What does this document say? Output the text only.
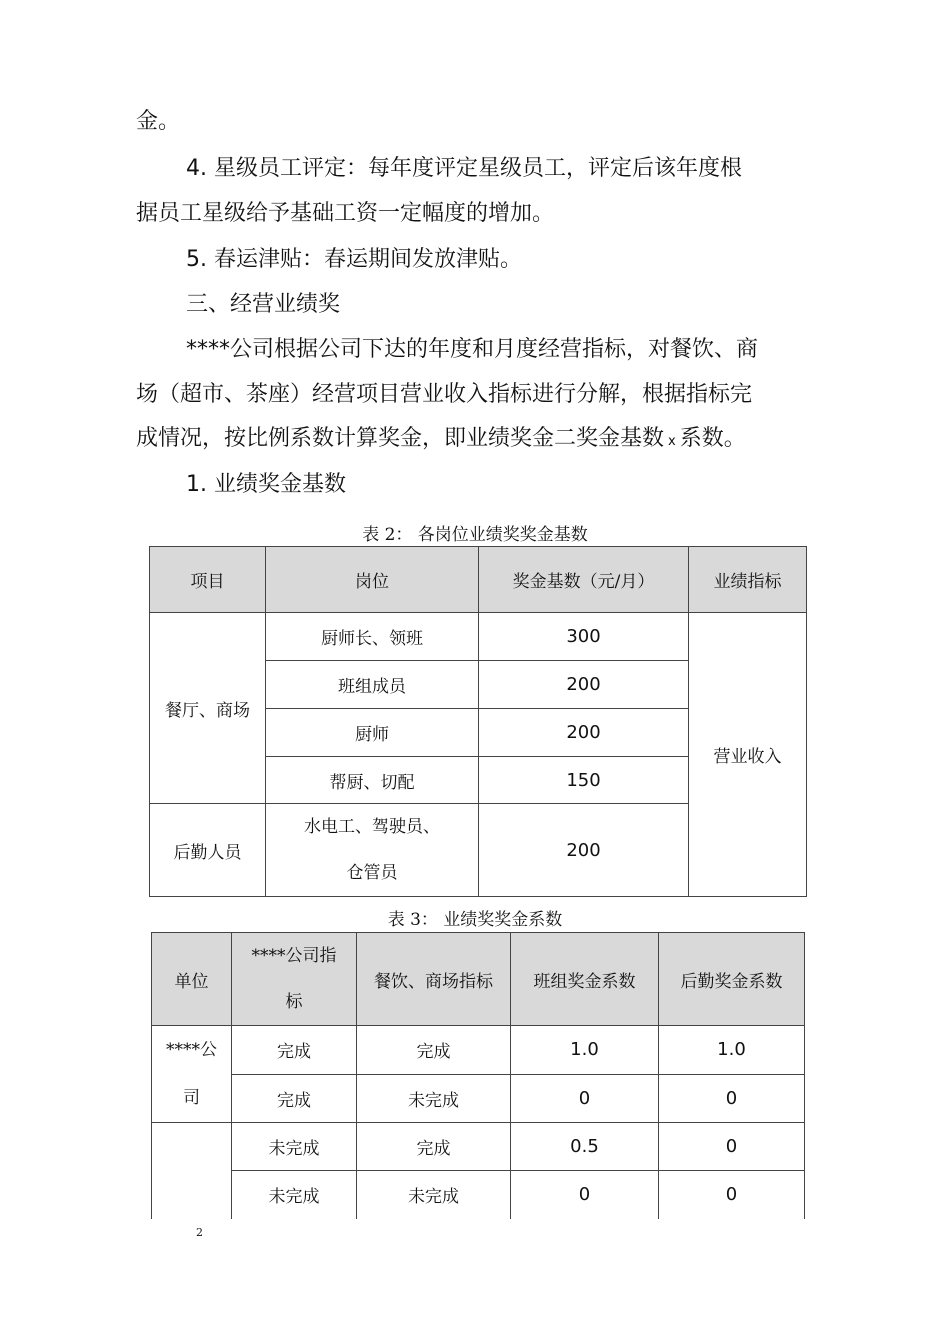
金。

4. 星级员工评定：每年度评定星级员工，评定后该年度根

据员工星级给予基础工资一定幅度的增加。

5. 春运津贴：春运期间发放津贴。

三、经营业绩奖

****公司根据公司下达的年度和月度经营指标，对餐饮、商

场（超市、茶座）经营项目营业收入指标进行分解，根据指标完

成情况，按比例系数计算奖金，即业绩奖金二奖金基数 x 系数。

1. 业绩奖金基数

表 2： 各岗位业绩奖奖金基数
项目	岗位	奖金基数（元/月）	业绩指标
餐厅、商场	厨师长、领班	300	营业收入
	班组成员	200	
	厨师	200	
	帮厨、切配	150	
后勤人员	水电工、驾驶员、
仓管员	200	
表 3： 业绩奖奖金系数
单位	****公司指
标	餐饮、商场指标	班组奖金系数	后勤奖金系数
****公
司	完成	完成	1.0	1.0
	完成	未完成	0	0
	未完成	完成	0.5	0
	未完成	未完成	0	0
2
